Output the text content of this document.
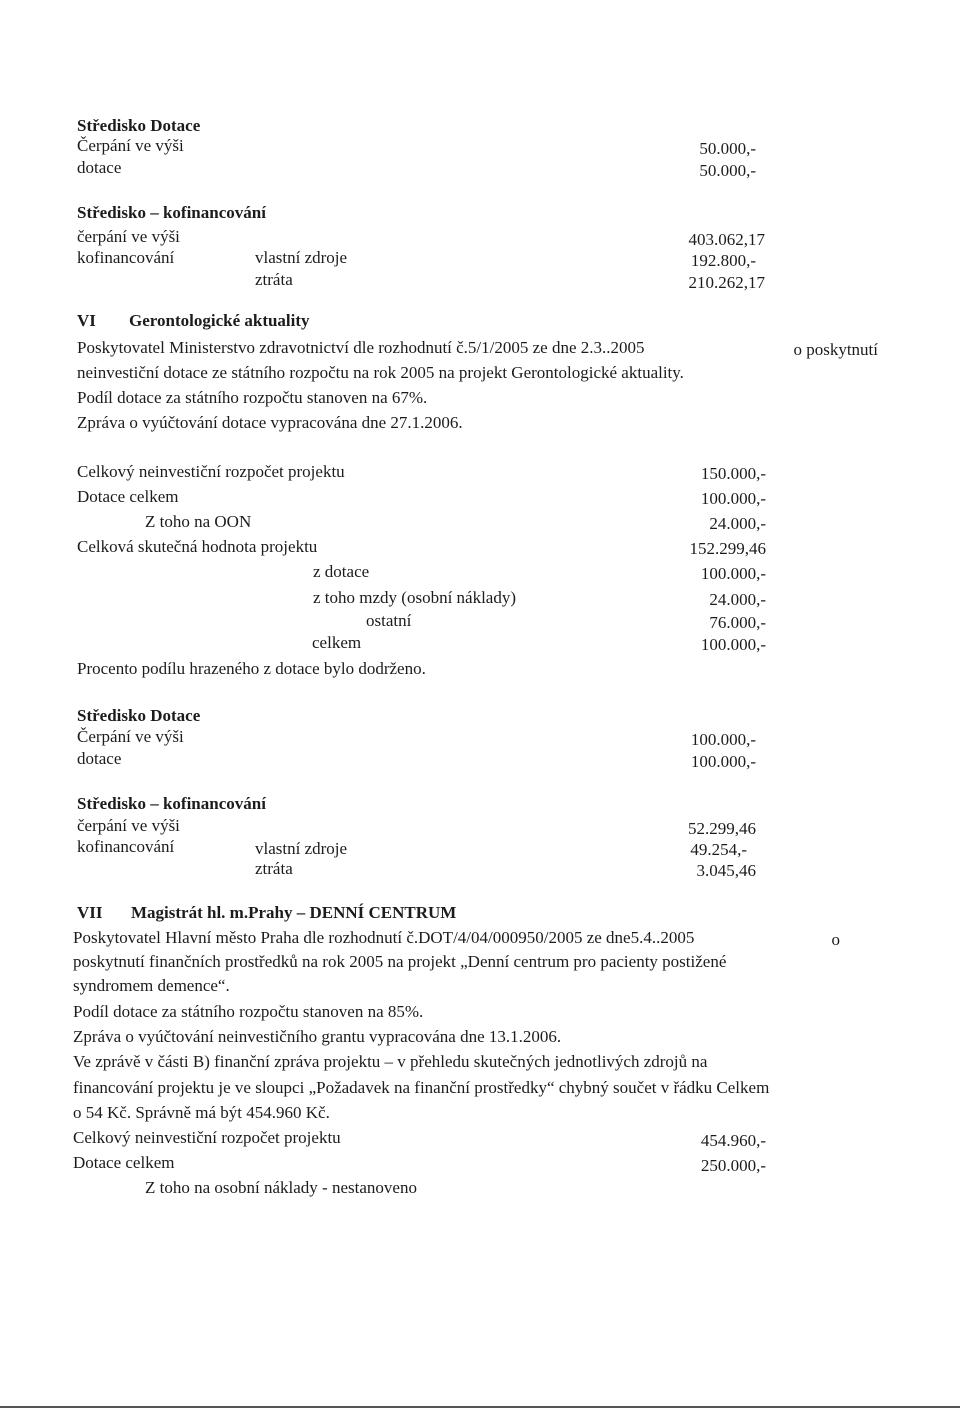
Středisko Dotace
Čerpání ve výši	50.000,-
dotace	50.000,-
Středisko – kofinancování
čerpání ve výši	403.062,17
kofinancování	vlastní zdroje	192.800,-
ztráta	210.262,17
VI Gerontologické aktuality
Poskytovatel Ministerstvo zdravotnictví dle rozhodnutí č.5/1/2005 ze dne 2.3..2005	o poskytnutí
neinvestiční dotace ze státního rozpočtu na rok 2005 na projekt Gerontologické aktuality.
Podíl dotace za státního rozpočtu stanoven na 67%.
Zpráva o vyúčtování dotace vypracována dne 27.1.2006.
Celkový neinvestiční rozpočet projektu	150.000,-
Dotace celkem	100.000,-
Z toho na OON	24.000,-
Celková skutečná hodnota projektu	152.299,46
z dotace	100.000,-
z toho mzdy (osobní náklady)	24.000,-
ostatní	76.000,-
celkem	100.000,-
Procento podílu hrazeného z dotace bylo dodrženo.
Středisko Dotace
Čerpání ve výši	100.000,-
dotace	100.000,-
Středisko – kofinancování
čerpání ve výši	52.299,46
kofinancování	vlastní zdroje	49.254,-
ztráta	3.045,46
VII Magistrát hl. m.Prahy – DENNÍ CENTRUM
Poskytovatel Hlavní město Praha dle rozhodnutí č.DOT/4/04/000950/2005 ze dne5.4..2005	o
poskytnutí finančních prostředků na rok 2005 na projekt „Denní centrum pro pacienty postižené
syndromem demence“.
Podíl dotace za státního rozpočtu stanoven na 85%.
Zpráva o vyúčtování neinvestičního grantu vypracována dne 13.1.2006.
Ve zprávě v části B) finanční zpráva projektu – v přehledu skutečných jednotlivých zdrojů na
financování projektu je ve sloupci „Požadavek na finanční prostředky“ chybný součet v řádku Celkem
o 54 Kč. Správně má být 454.960 Kč.
Celkový neinvestiční rozpočet projektu	454.960,-
Dotace celkem	250.000,-
Z toho na osobní náklady - nestanoveno
